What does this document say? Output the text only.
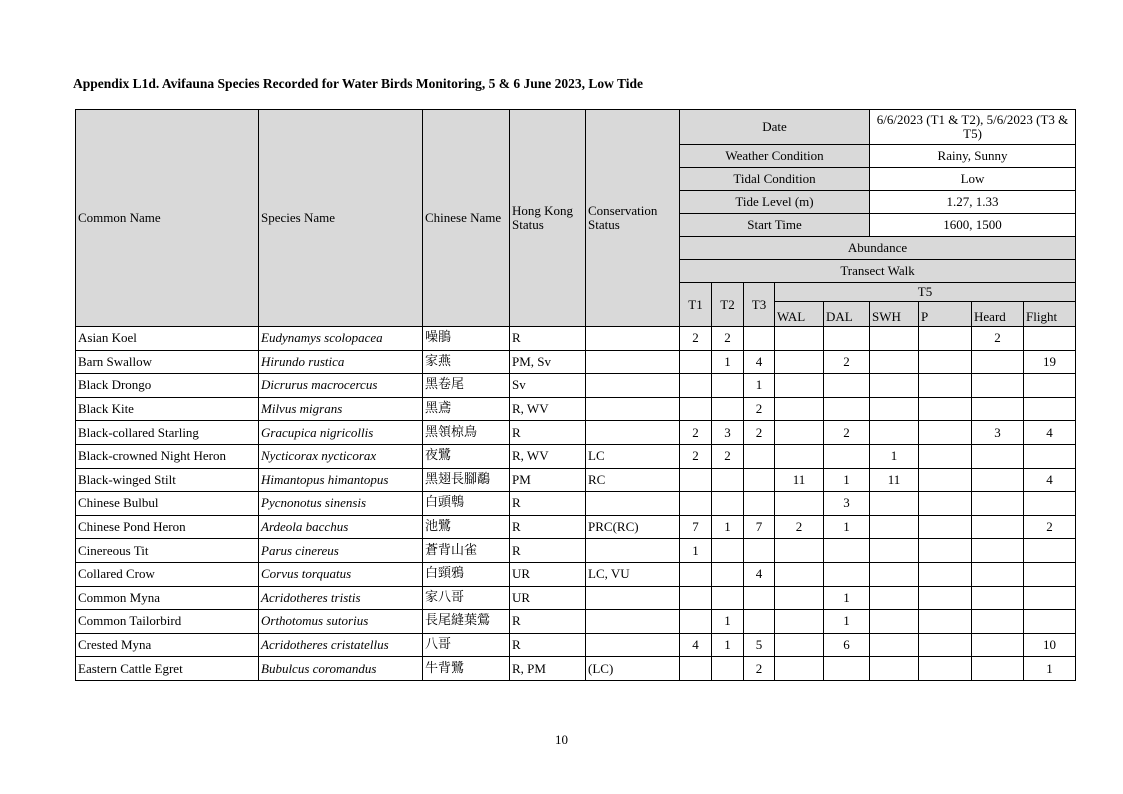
Appendix L1d. Avifauna Species Recorded for Water Birds Monitoring, 5 & 6 June 2023, Low Tide
Common Name	Species Name	Chinese Name	Hong Kong Status	Conservation Status	Date					6/6/2023 (T1 & T2), 5/6/2023 (T3 & T5)			
					Weather Condition					Rainy, Sunny			
					Tidal Condition					Low			
					Tide Level (m)					1.27, 1.33			
					Start Time					1600, 1500			
					Abundance								
					Transect Walk								
					T1	T2	T3	T5					
								WAL	DAL	SWH	P	Heard	Flight
Asian Koel	Eudynamys scolopacea	噪鵑	R		2	2						2	
Barn Swallow	Hirundo rustica	家燕	PM, Sv			1	4		2				19
Black Drongo	Dicrurus macrocercus	黑卷尾	Sv				1						
Black Kite	Milvus migrans	黑鳶	R, WV				2						
Black-collared Starling	Gracupica nigricollis	黑領椋鳥	R		2	3	2		2			3	4
Black-crowned Night Heron	Nycticorax nycticorax	夜鷺	R, WV	LC	2	2				1			
Black-winged Stilt	Himantopus himantopus	黑翅長腳鷸	PM	RC				11	1	11			4
Chinese Bulbul	Pycnonotus sinensis	白頭鵯	R						3				
Chinese Pond Heron	Ardeola bacchus	池鷺	R	PRC(RC)	7	1	7	2	1				2
Cinereous Tit	Parus cinereus	蒼背山雀	R		1								
Collared Crow	Corvus torquatus	白頸鴉	UR	LC, VU			4						
Common Myna	Acridotheres tristis	家八哥	UR						1				
Common Tailorbird	Orthotomus sutorius	長尾縫葉鶯	R			1			1				
Crested Myna	Acridotheres cristatellus	八哥	R		4	1	5		6				10
Eastern Cattle Egret	Bubulcus coromandus	牛背鷺	R, PM	(LC)			2						1
10
